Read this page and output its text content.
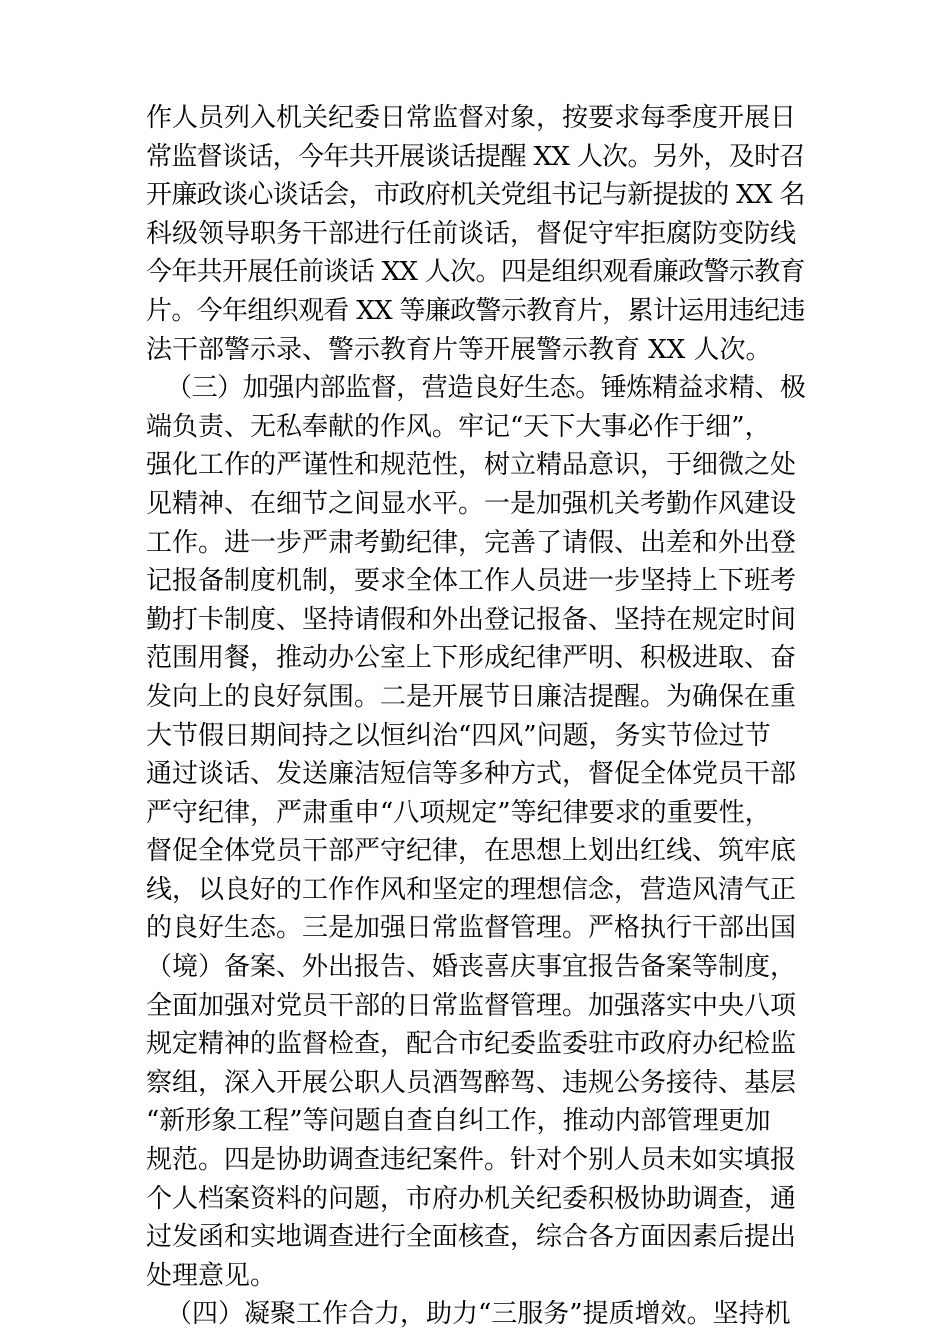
作人员列入机关纪委日常监督对象，按要求每季度开展日
常监督谈话，今年共开展谈话提醒 XX 人次。另外，及时召
开廉政谈心谈话会，市政府机关党组书记与新提拔的 XX 名
科级领导职务干部进行任前谈话，督促守牢拒腐防变防线
今年共开展任前谈话 XX 人次。四是组织观看廉政警示教育
片。今年组织观看 XX 等廉政警示教育片，累计运用违纪违
法干部警示录、警示教育片等开展警示教育 XX 人次。
（三）加强内部监督，营造良好生态。锤炼精益求精、极
端负责、无私奉献的作风。牢记“天下大事必作于细”，
强化工作的严谨性和规范性，树立精品意识，于细微之处
见精神、在细节之间显水平。一是加强机关考勤作风建设
工作。进一步严肃考勤纪律，完善了请假、出差和外出登
记报备制度机制，要求全体工作人员进一步坚持上下班考
勤打卡制度、坚持请假和外出登记报备、坚持在规定时间
范围用餐，推动办公室上下形成纪律严明、积极进取、奋
发向上的良好氛围。二是开展节日廉洁提醒。为确保在重
大节假日期间持之以恒纠治“四风”问题，务实节俭过节
通过谈话、发送廉洁短信等多种方式，督促全体党员干部
严守纪律，严肃重申“八项规定”等纪律要求的重要性，
督促全体党员干部严守纪律，在思想上划出红线、筑牢底
线，以良好的工作作风和坚定的理想信念，营造风清气正
的良好生态。三是加强日常监督管理。严格执行干部出国
（境）备案、外出报告、婚丧喜庆事宜报告备案等制度，
全面加强对党员干部的日常监督管理。加强落实中央八项
规定精神的监督检查，配合市纪委监委驻市政府办纪检监
察组，深入开展公职人员酒驾醉驾、违规公务接待、基层
“新形象工程”等问题自查自纠工作，推动内部管理更加
规范。四是协助调查违纪案件。针对个别人员未如实填报
个人档案资料的问题，市府办机关纪委积极协助调查，通
过发函和实地调查进行全面核查，综合各方面因素后提出
处理意见。
（四）凝聚工作合力，助力“三服务”提质增效。坚持机
